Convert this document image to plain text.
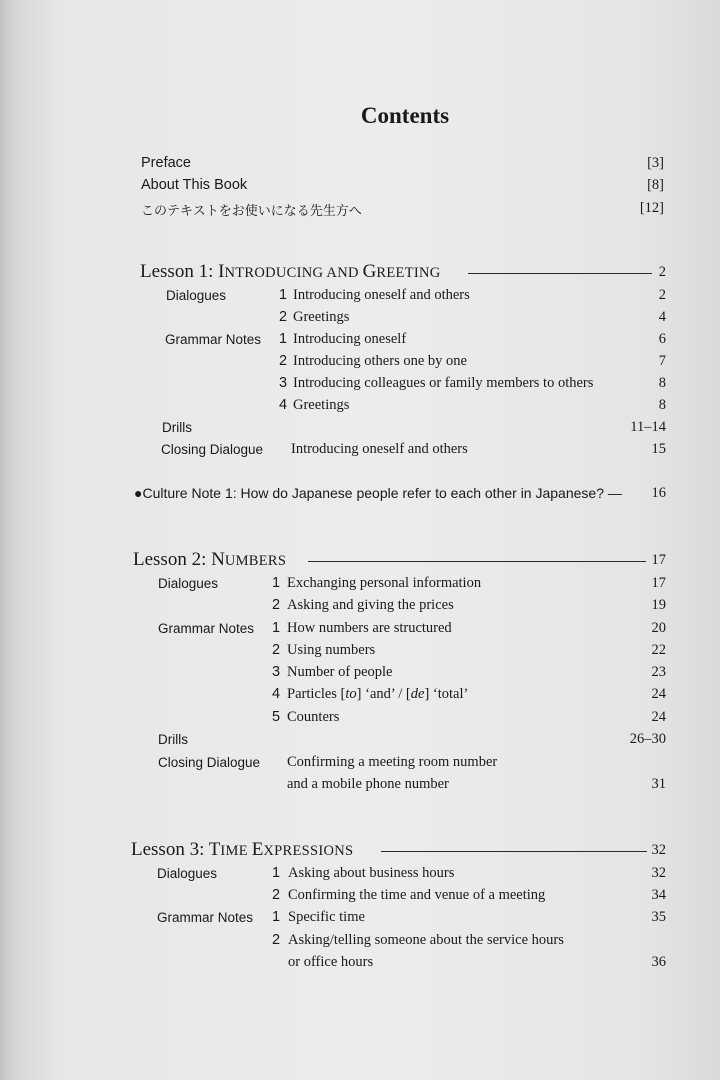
Contents
Preface	[3]
About This Book	[8]
このテキストをお使いになる先生方へ	[12]
Lesson 1: INTRODUCING AND GREETING	2
Dialogues	1 Introducing oneself and others	2
2 Greetings	4
Grammar Notes 1 Introducing oneself	6
2 Introducing others one by one	7
3 Introducing colleagues or family members to others	8
4 Greetings	8
Drills	11–14
Closing Dialogue Introducing oneself and others	15
●Culture Note 1: How do Japanese people refer to each other in Japanese? —	16
Lesson 2: NUMBERS	17
Dialogues	1 Exchanging personal information	17
2 Asking and giving the prices	19
Grammar Notes 1 How numbers are structured	20
2 Using numbers	22
3 Number of people	23
4 Particles [to] ‘and’ / [de] ‘total’	24
5 Counters	24
Drills	26–30
Closing Dialogue Confirming a meeting room number
and a mobile phone number	31
Lesson 3: TIME EXPRESSIONS	32
Dialogues	1 Asking about business hours	32
2 Confirming the time and venue of a meeting	34
Grammar Notes 1 Specific time	35
2 Asking/telling someone about the service hours
or office hours	36
